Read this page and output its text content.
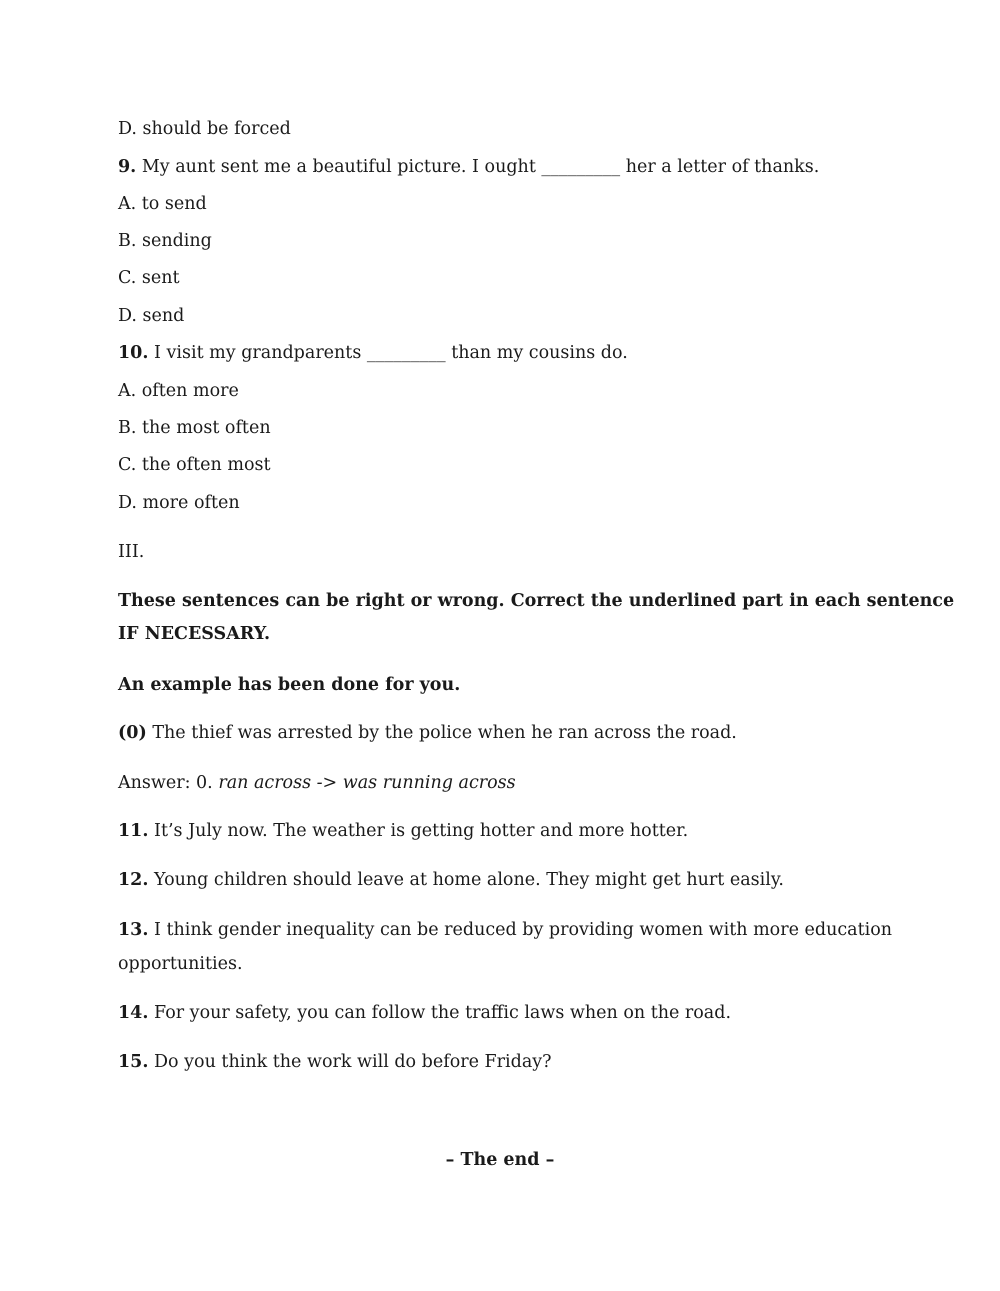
D. should be forced
9. My aunt sent me a beautiful picture. I ought _________ her a letter of thanks.
A. to send
B. sending
C. sent
D. send
10. I visit my grandparents _________ than my cousins do.
A. often more
B. the most often
C. the often most
D. more often
III.
These sentences can be right or wrong. Correct the underlined part in each sentence
IF NECESSARY.
An example has been done for you.
(0) The thief was arrested by the police when he ran across the road.
Answer: 0. ran across -> was running across
11. It’s July now. The weather is getting hotter and more hotter.
12. Young children should leave at home alone. They might get hurt easily.
13. I think gender inequality can be reduced by providing women with more education
opportunities.
14. For your safety, you can follow the traffic laws when on the road.
15. Do you think the work will do before Friday?
– The end –
